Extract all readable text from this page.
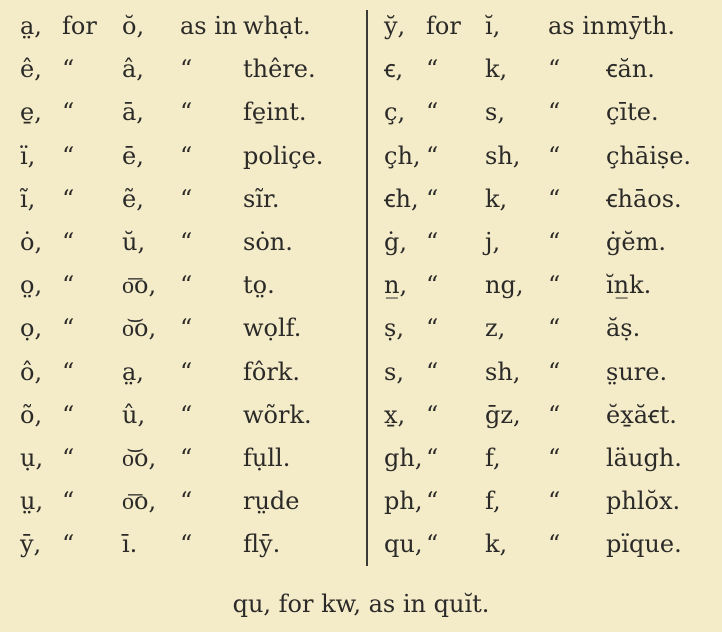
a̤, for ŏ, as in whạt.
ê, “ â, “ thêre.
e̱, “ ā, “ fe̱int.
ï, “ ē, “ poliçe.
ĩ, “ ẽ, “ sĩr.
ȯ, “ ŭ, “ sȯn.
o̤, “ o͞o, “ to̤.
ọ, “ o͝o, “ wọlf.
ô, “ a̤, “ fôrk.
õ, “ û, “ wõrk.
ụ, “ o͝o, “ fụll.
ṳ, “ o͞o, “ rṳde
ȳ, “ ī. “ flȳ.
y̆, for ĭ, as in mȳth.
ꞓ, “ k, “ ꞓăn.
ç, “ s, “ çīte.
çh, “ sh, “ çhāiṣe.
ꞓh, “ k, “ ꞓhāos.
ġ, “ j, “ ġĕm.
n̲, “ ng, “ ĭn̲k.
ṣ, “ z, “ ăṣ.
s, “ sh, “ s̤ure.
x̱, “ ḡz, “ ĕx̱ăꞓt.
gh, “ f, “ läugh.
ph, “ f, “ phlŏx.
qu, “ k, “ pïque.
qu, for kw, as in quĭt.
